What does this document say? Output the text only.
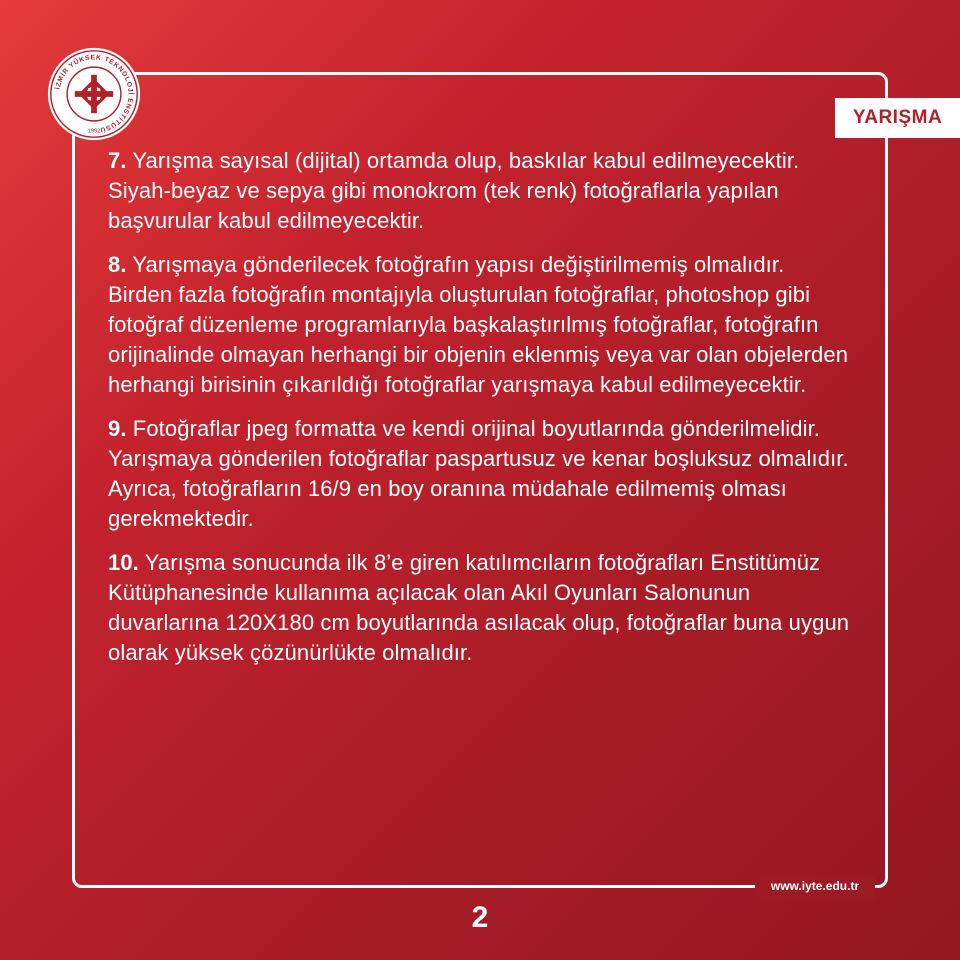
İZMİR YÜKSEK TEKNOLOJİ ENSTİTÜSÜ
1992
YARIŞMA

7. Yarışma sayısal (dijital) ortamda olup, baskılar kabul edilmeyecektir. Siyah-beyaz ve sepya gibi monokrom (tek renk) fotoğraflarla yapılan başvurular kabul edilmeyecektir.

8. Yarışmaya gönderilecek fotoğrafın yapısı değiştirilmemiş olmalıdır. Birden fazla fotoğrafın montajıyla oluşturulan fotoğraflar, photoshop gibi fotoğraf düzenleme programlarıyla başkalaştırılmış fotoğraflar, fotoğrafın orijinalinde olmayan herhangi bir objenin eklenmiş veya var olan objelerden herhangi birisinin çıkarıldığı fotoğraflar yarışmaya kabul edilmeyecektir.

9. Fotoğraflar jpeg formatta ve kendi orijinal boyutlarında gönderilmelidir. Yarışmaya gönderilen fotoğraflar paspartusuz ve kenar boşluksuz olmalıdır. Ayrıca, fotoğrafların 16/9 en boy oranına müdahale edilmemiş olması gerekmektedir.

10. Yarışma sonucunda ilk 8’e giren katılımcıların fotoğrafları Enstitümüz Kütüphanesinde kullanıma açılacak olan Akıl Oyunları Salonunun duvarlarına 120X180 cm boyutlarında asılacak olup, fotoğraflar buna uygun olarak yüksek çözünürlükte olmalıdır.

www.iyte.edu.tr
2
